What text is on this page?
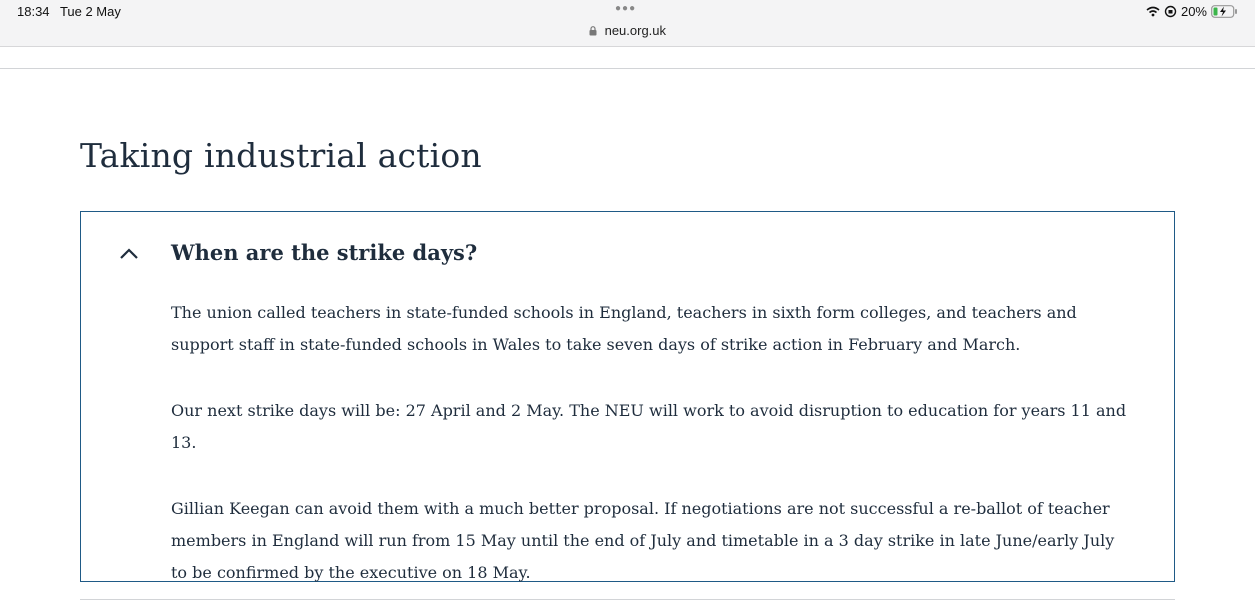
18:34 Tue 2 May	●●●
neu.org.uk
20%
Taking industrial action
When are the strike days?

The union called teachers in state-funded schools in England, teachers in sixth form colleges, and teachers and support staff in state-funded schools in Wales to take seven days of strike action in February and March.

Our next strike days will be: 27 April and 2 May. The NEU will work to avoid disruption to education for years 11 and 13.

Gillian Keegan can avoid them with a much better proposal. If negotiations are not successful a re-ballot of teacher members in England will run from 15 May until the end of July and timetable in a 3 day strike in late June/early July to be confirmed by the executive on 18 May.
